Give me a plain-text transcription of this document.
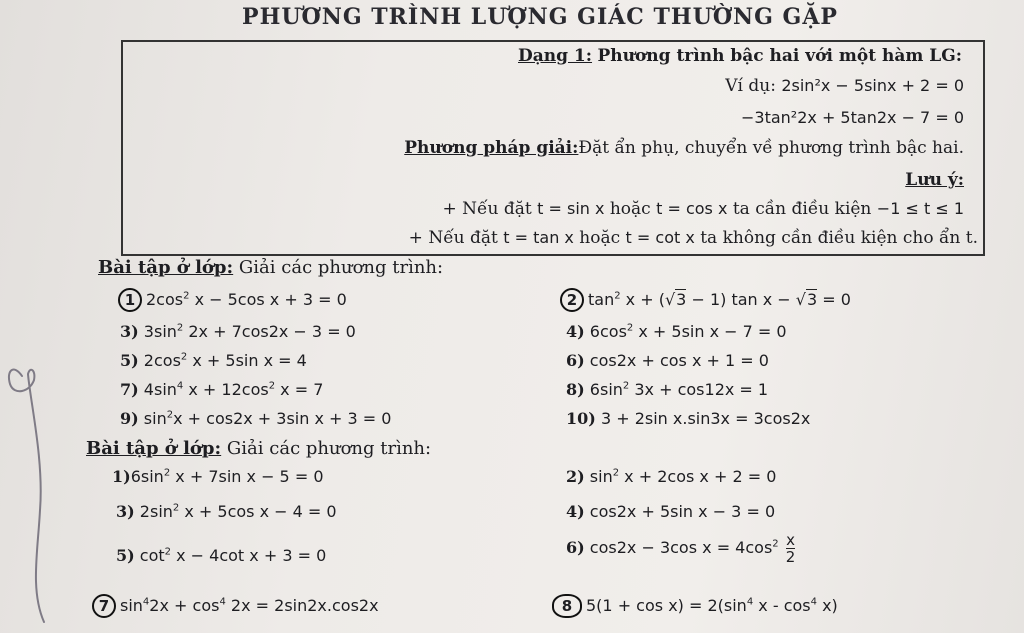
PHƯƠNG TRÌNH LƯỢNG GIÁC THƯỜNG GẶP
Dạng 1: Phương trình bậc hai với một hàm LG:
Ví dụ: 2sin²x − 5sinx + 2 = 0
−3tan²2x + 5tan2x − 7 = 0
Phương pháp giải:Đặt ẩn phụ, chuyển về phương trình bậc hai.
Lưu ý:
+ Nếu đặt t = sin x hoặc t = cos x ta cần điều kiện −1 ≤ t ≤ 1
+ Nếu đặt t = tan x hoặc t = cot x ta không cần điều kiện cho ẩn t.
Bài tập ở lớp: Giải các phương trình:
1 $2\cos^2$ x − 5cos x + 3 = 0	2 $\tan^2 x + (√3 - 1)$ tan x − √3 = 0
3) $3\sin^2$ 2x + 7cos2x − 3 = 0	4) $6\cos^2$ x + 5sin x − 7 = 0
5) $2\cos^2$ x + 5sin x = 4	6) cos2x + cos x + 1 = 0
7) $4\sin^4$ $x + 12\cos^2$ x = 7	8) $6\sin^2$ 3x + cos12x = 1
9) $\sin^2x + \cos 2x + 3\sin$ x + 3 = 0	10) 3 + 2sin x.sin3x = 3cos2x
Bài tập ở lớp: Giải các phương trình:
$1)6\sin^2$ x + 7sin x − 5 = 0	2) $\sin^2 x + 2\cos$ x + 2 = 0
3) $2\sin^2$ x + 5cos x − 4 = 0	4) cos2x + 5sin x − 3 = 0
5) $\cot^2 x - 4\cot$ x + 3 = 0	6) cos2x − 3cos $x = 4\cos^2 \frac{x}{2}$
7 $\sin^42x + \cos^4 2x = 2\sin 2x.\cos 2x$	8 $5(1 + \cos x) = 2(\sin^4$ x - $\cos^4 x$)
